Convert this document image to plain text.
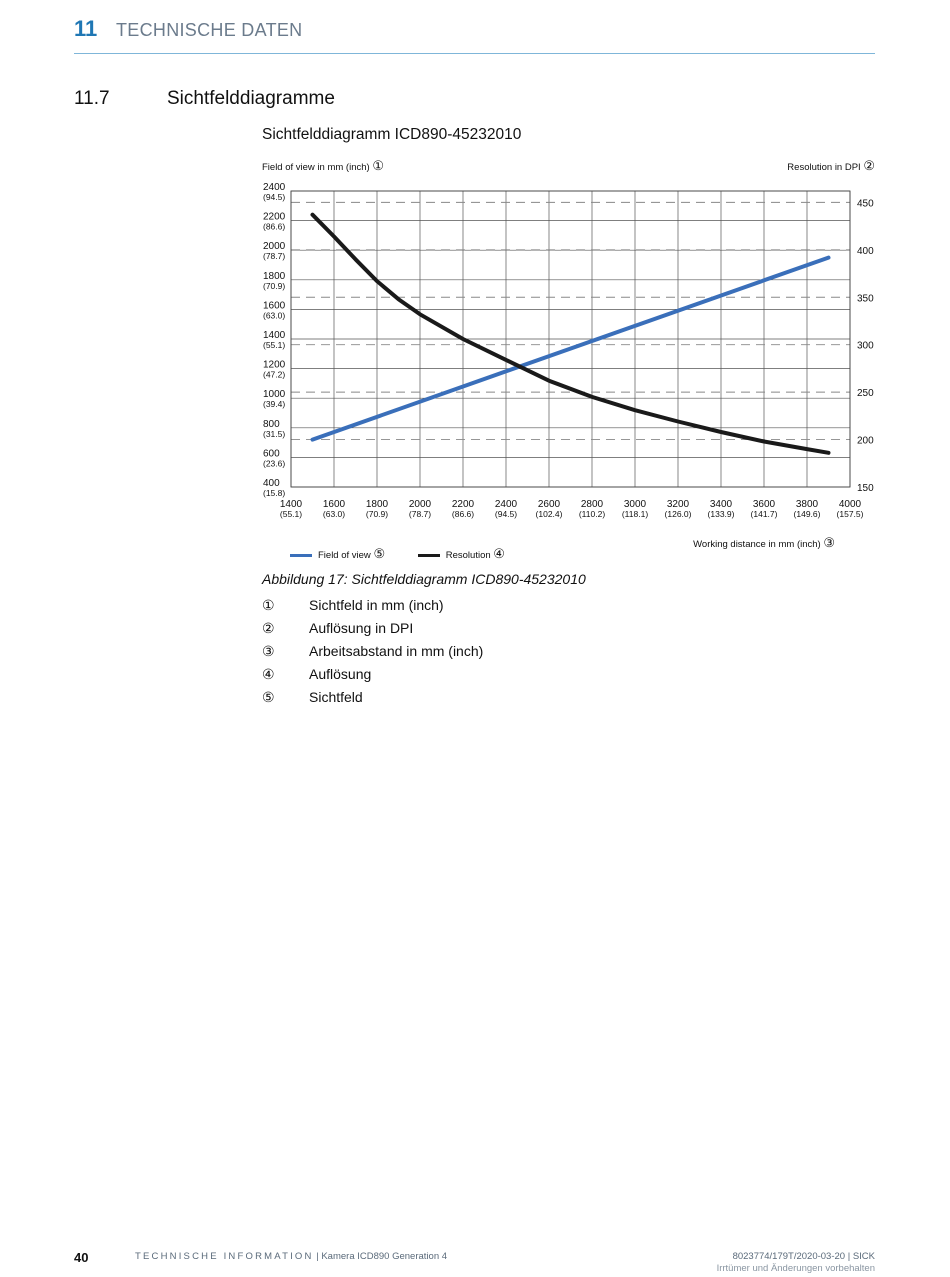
11 TECHNISCHE DATEN
11.7	Sichtfelddiagramme
Sichtfelddiagramm ICD890-45232010
Field of view in mm (inch) ①	Resolution in DPI ②
2400
(94.5)
2200
(86.6)
2000
(78.7)
1800
(70.9)
1600
(63.0)
1400
(55.1)
1200
(47.2)
1000
(39.4)
800
(31.5)
600
(23.6)
400
(15.8)
450
400
350
300
250
200
150
1400
(55.1)
1600
(63.0)
1800
(70.9)
2000
(78.7)
2200
(86.6)
2400
(94.5)
2600
(102.4)
2800
(110.2)
3000
(118.1)
3200
(126.0)
3400
(133.9)
3600
(141.7)
3800
(149.6)
4000
(157.5)
Working distance in mm (inch) ③
Field of view ⑤	Resolution ④
Abbildung 17: Sichtfelddiagramm ICD890-45232010
①	Sichtfeld in mm (inch)
②	Auflösung in DPI
③	Arbeitsabstand in mm (inch)
④	Auflösung
⑤	Sichtfeld
40	TECHNISCHE INFORMATION | Kamera ICD890 Generation 4	8023774/179T/2020-03-20 | SICK
Irrtümer und Änderungen vorbehalten
